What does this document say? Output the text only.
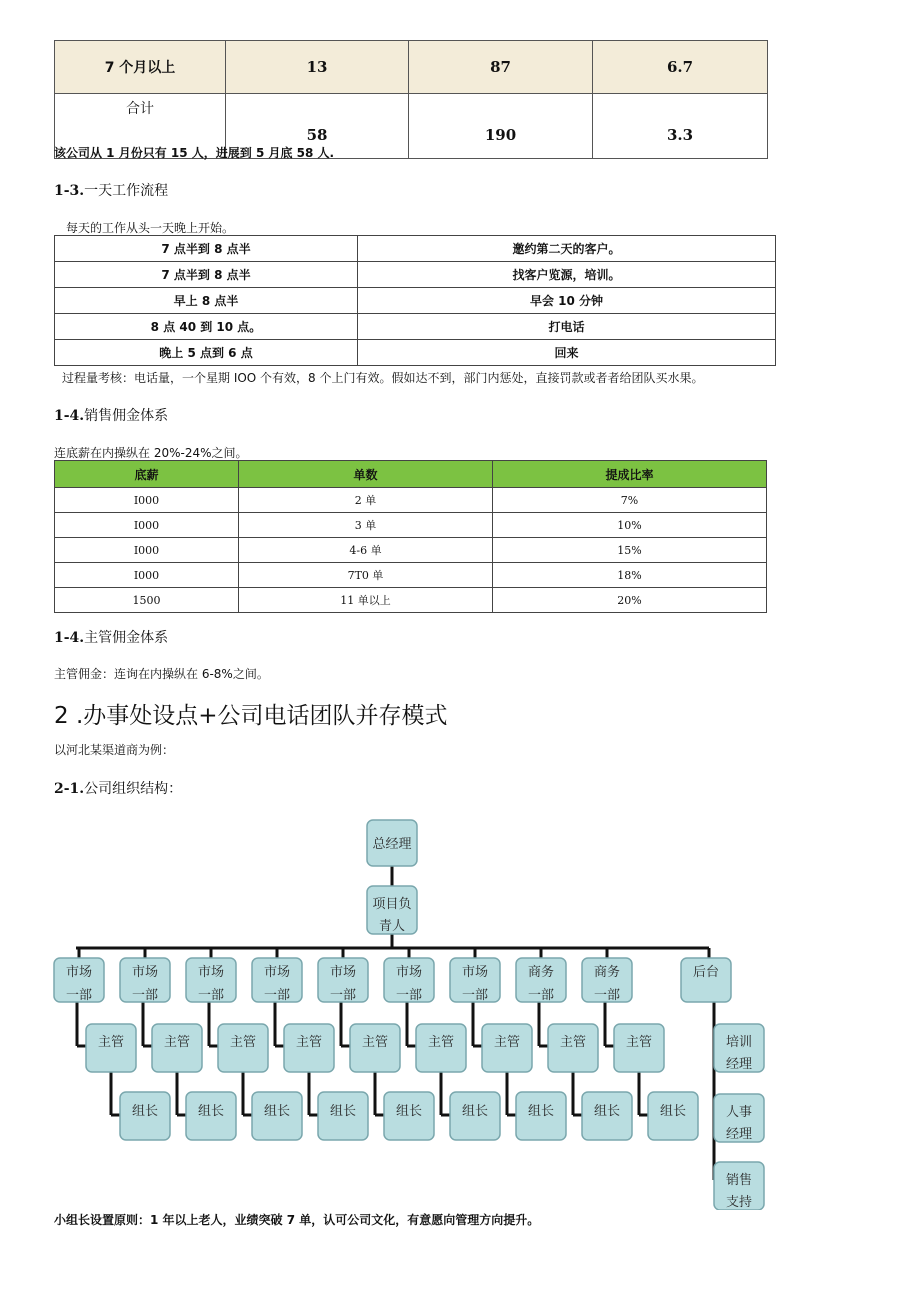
7 个月以上	13	87	6.7
合计	58	190	3.3
该公司从 1 月份只有 15 人，进展到 5 月底 58 人.
1-3.一天工作流程
每天的工作从头一天晚上开始。
7 点半到 8 点半	邀约第二天的客户。
7 点半到 8 点半	找客户览源，培训。
早上 8 点半	早会 10 分钟
8 点 40 到 10 点。	打电话
晚上 5 点到 6 点	回来
过程量考核：电话量，一个星期 IOO 个有效，8 个上门有效。假如达不到，部门内惩处，直接罚款或者者给团队买水果。
1-4.销售佣金体系
连底薪在内操纵在 20%-24%之间。
底薪	单数	提成比率
I000	2 单	7%
I000	3 单	10%
I000	4-6 单	15%
I000	7T0 单	18%
1500	11 单以上	20%
1-4.主管佣金体系
主管佣金：连询在内操纵在 6-8%之间。
2 .办事处设点+公司电话团队并存模式
以河北某渠道商为例：
2-1.公司组织结构：
总经理
项目负
青人
市场
一部
主管
组长
市场
一部
主管
组长
市场
一部
主管
组长
市场
一部
主管
组长
市场
一部
主管
组长
市场
一部
主管
组长
市场
一部
主管
组长
商务
一部
主管
组长
商务
一部
主管
组长
后台
培训
经理
人事
经理
销售
支持
小组长设置原则：1 年以上老人，业绩突破 7 单，认可公司文化，有意愿向管理方向提升。
